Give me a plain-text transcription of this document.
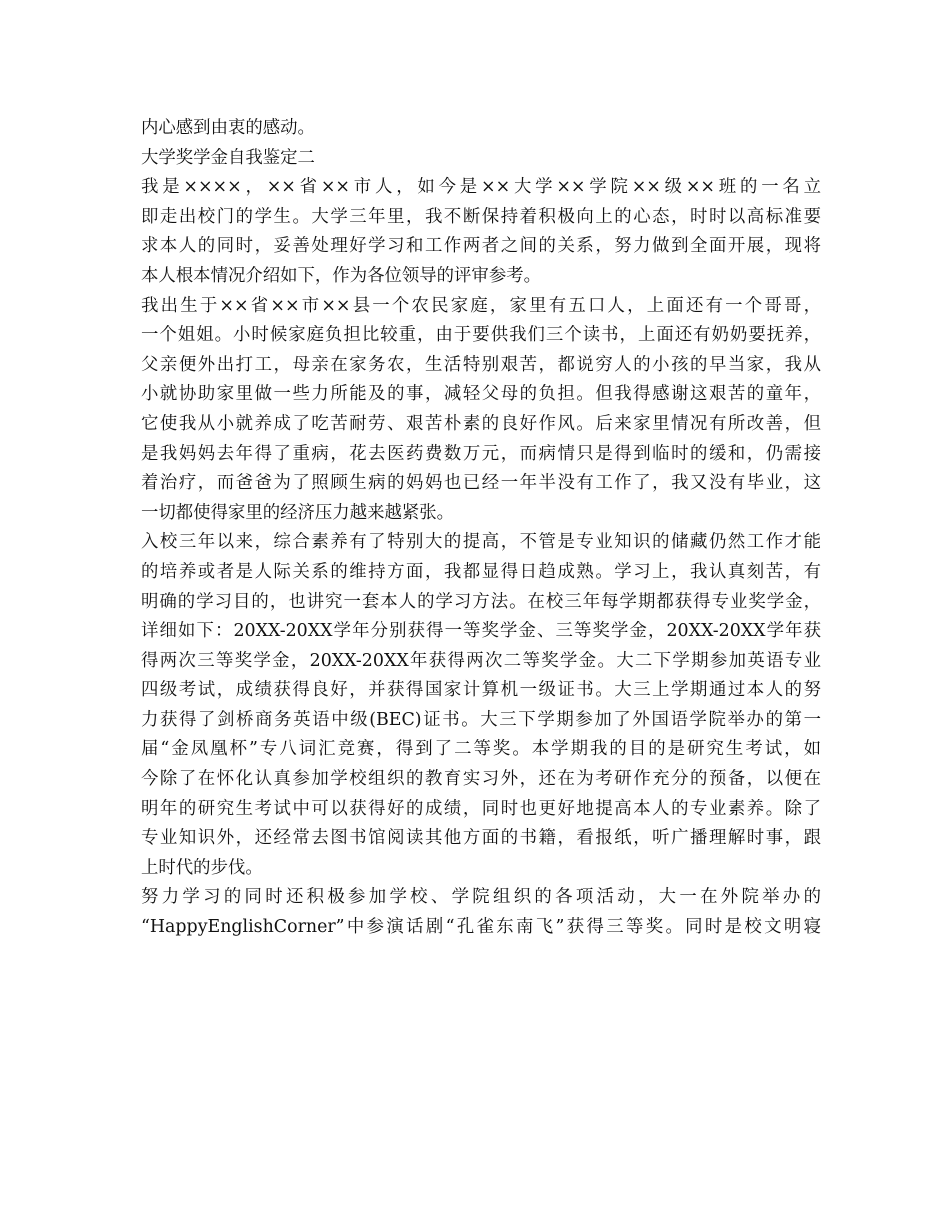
内心感到由衷的感动。
大学奖学金自我鉴定二
我是××××，××省××市人，如今是××大学××学院××级××班的一名立
即走出校门的学生。大学三年里，我不断保持着积极向上的心态，时时以高标准要
求本人的同时，妥善处理好学习和工作两者之间的关系，努力做到全面开展，现将
本人根本情况介绍如下，作为各位领导的评审参考。
我出生于××省××市××县一个农民家庭，家里有五口人，上面还有一个哥哥，
一个姐姐。小时候家庭负担比较重，由于要供我们三个读书，上面还有奶奶要抚养，
父亲便外出打工，母亲在家务农，生活特别艰苦，都说穷人的小孩的早当家，我从
小就协助家里做一些力所能及的事，减轻父母的负担。但我得感谢这艰苦的童年，
它使我从小就养成了吃苦耐劳、艰苦朴素的良好作风。后来家里情况有所改善，但
是我妈妈去年得了重病，花去医药费数万元，而病情只是得到临时的缓和，仍需接
着治疗，而爸爸为了照顾生病的妈妈也已经一年半没有工作了，我又没有毕业，这
一切都使得家里的经济压力越来越紧张。
入校三年以来，综合素养有了特别大的提高，不管是专业知识的储藏仍然工作才能
的培养或者是人际关系的维持方面，我都显得日趋成熟。学习上，我认真刻苦，有
明确的学习目的，也讲究一套本人的学习方法。在校三年每学期都获得专业奖学金，
详细如下：20XX-20XX学年分别获得一等奖学金、三等奖学金，20XX-20XX学年获
得两次三等奖学金，20XX-20XX年获得两次二等奖学金。大二下学期参加英语专业
四级考试，成绩获得良好，并获得国家计算机一级证书。大三上学期通过本人的努
力获得了剑桥商务英语中级(BEC)证书。大三下学期参加了外国语学院举办的第一
届“金凤凰杯”专八词汇竞赛，得到了二等奖。本学期我的目的是研究生考试，如
今除了在怀化认真参加学校组织的教育实习外，还在为考研作充分的预备，以便在
明年的研究生考试中可以获得好的成绩，同时也更好地提高本人的专业素养。除了
专业知识外，还经常去图书馆阅读其他方面的书籍，看报纸，听广播理解时事，跟
上时代的步伐。
努力学习的同时还积极参加学校、学院组织的各项活动，大一在外院举办的
“HappyEnglishCorner”中参演话剧“孔雀东南飞”获得三等奖。同时是校文明寝
